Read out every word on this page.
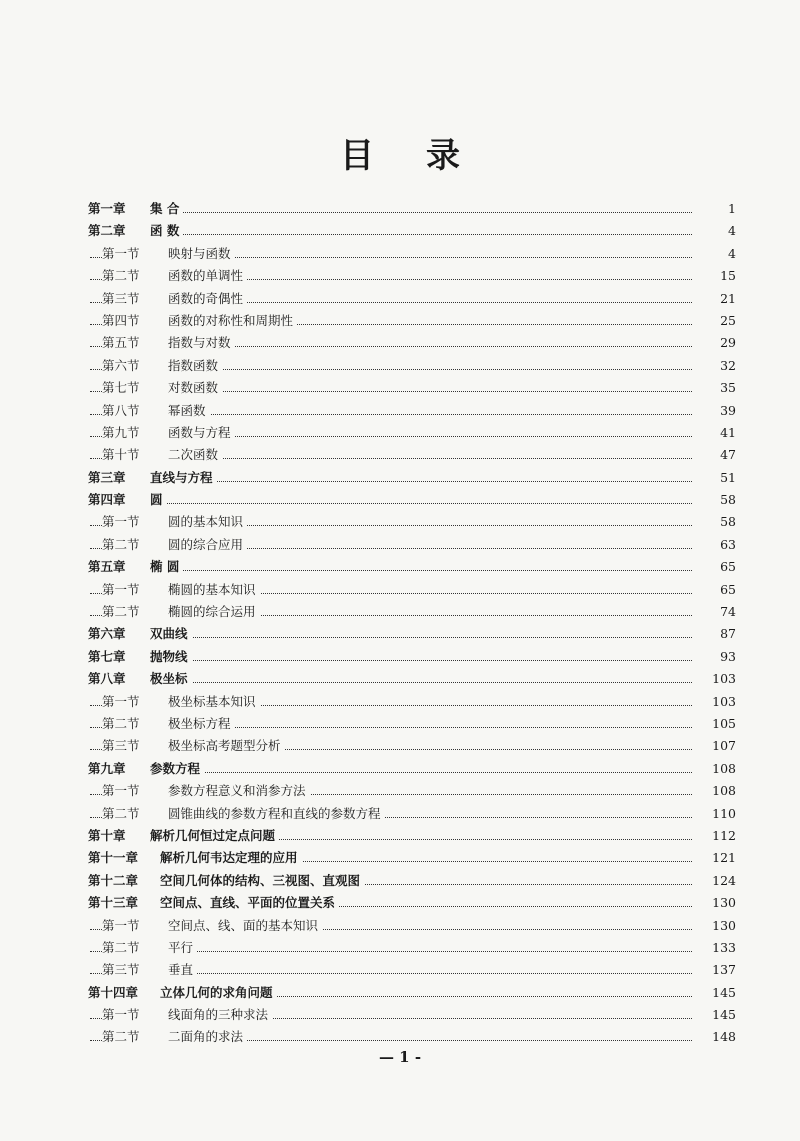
目 录
第一章 集 合	1
第二章 函 数	4
第一节 映射与函数	4
第二节 函数的单调性	15
第三节 函数的奇偶性	21
第四节 函数的对称性和周期性	25
第五节 指数与对数	29
第六节 指数函数	32
第七节 对数函数	35
第八节 幂函数	39
第九节 函数与方程	41
第十节 二次函数	47
第三章 直线与方程	51
第四章 圆	58
第一节 圆的基本知识	58
第二节 圆的综合应用	63
第五章 椭 圆	65
第一节 椭圆的基本知识	65
第二节 椭圆的综合运用	74
第六章 双曲线	87
第七章 抛物线	93
第八章 极坐标	103
第一节 极坐标基本知识	103
第二节 极坐标方程	105
第三节 极坐标高考题型分析	107
第九章 参数方程	108
第一节 参数方程意义和消参方法	108
第二节 圆锥曲线的参数方程和直线的参数方程	110
第十章 解析几何恒过定点问题	112
第十一章 解析几何韦达定理的应用	121
第十二章 空间几何体的结构、三视图、直观图	124
第十三章 空间点、直线、平面的位置关系	130
第一节 空间点、线、面的基本知识	130
第二节 平行	133
第三节 垂直	137
第十四章 立体几何的求角问题	145
第一节 线面角的三种求法	145
第二节 二面角的求法	148
— 1 -
